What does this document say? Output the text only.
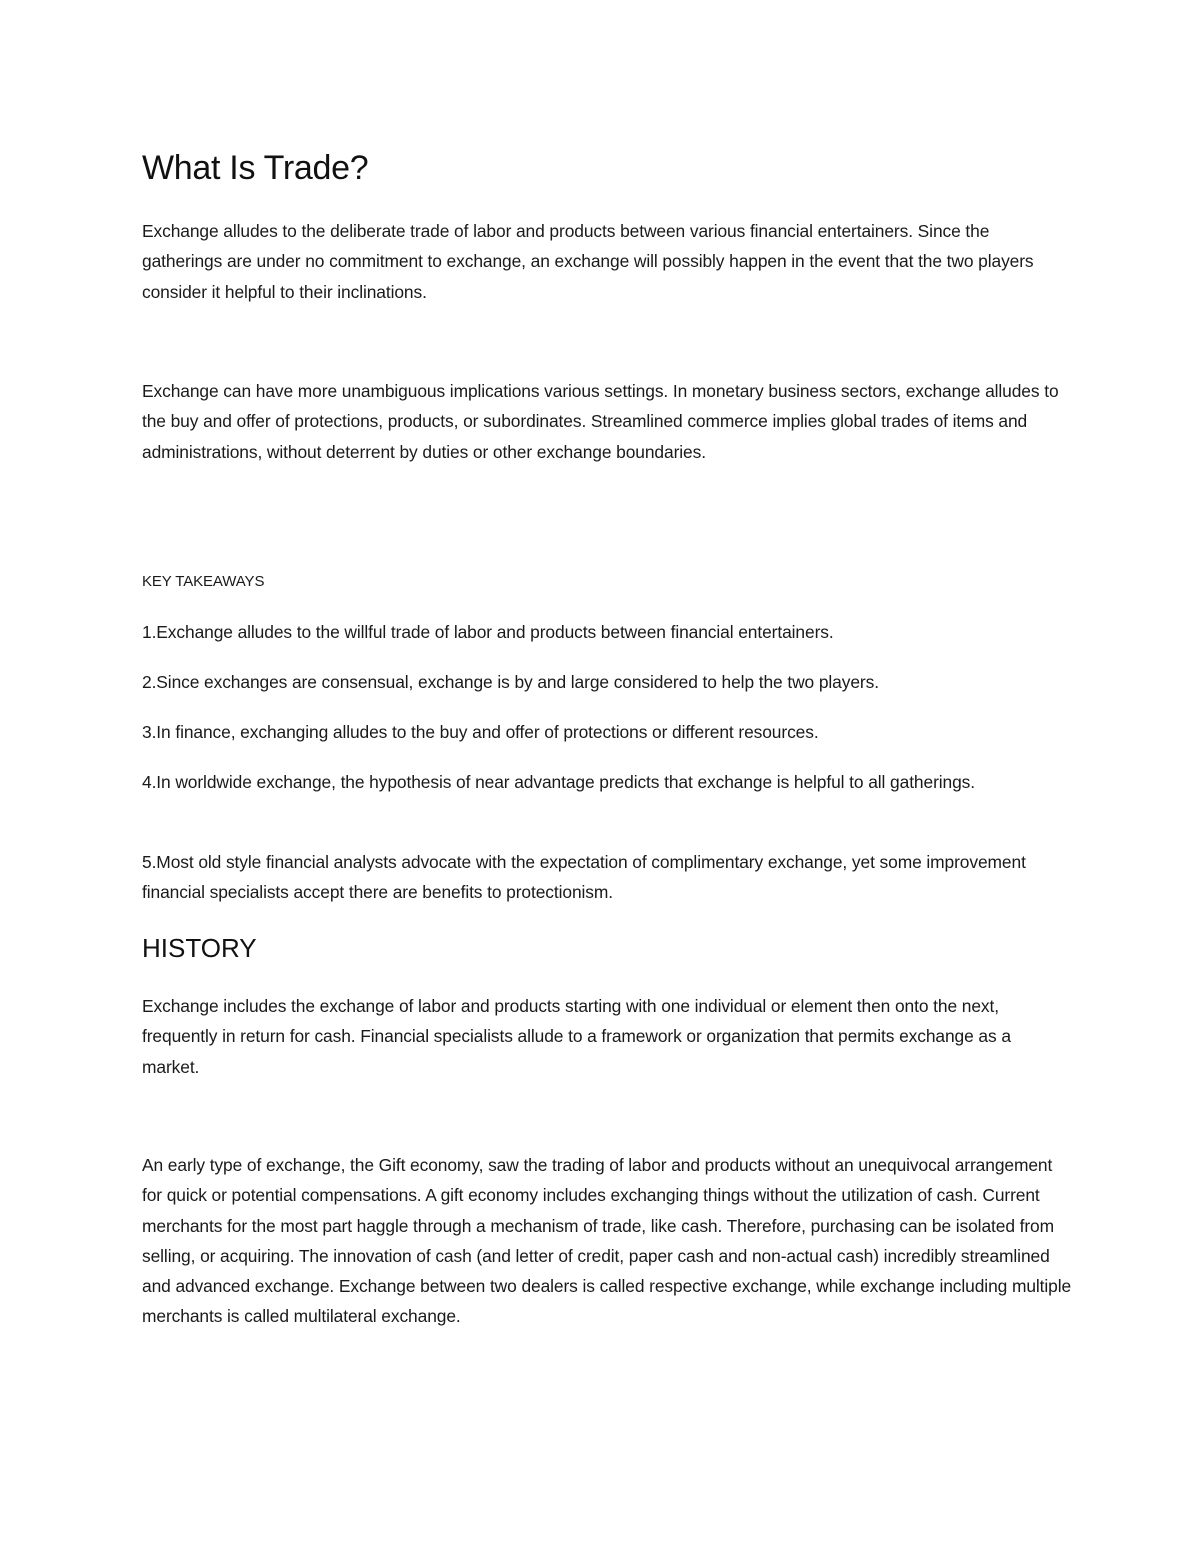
What Is Trade?

Exchange alludes to the deliberate trade of labor and products between various financial entertainers. Since the gatherings are under no commitment to exchange, an exchange will possibly happen in the event that the two players consider it helpful to their inclinations.

Exchange can have more unambiguous implications various settings. In monetary business sectors, exchange alludes to the buy and offer of protections, products, or subordinates. Streamlined commerce implies global trades of items and administrations, without deterrent by duties or other exchange boundaries.

KEY TAKEAWAYS

1.Exchange alludes to the willful trade of labor and products between financial entertainers.

2.Since exchanges are consensual, exchange is by and large considered to help the two players.

3.In finance, exchanging alludes to the buy and offer of protections or different resources.

4.In worldwide exchange, the hypothesis of near advantage predicts that exchange is helpful to all gatherings.

5.Most old style financial analysts advocate with the expectation of complimentary exchange, yet some improvement financial specialists accept there are benefits to protectionism.

HISTORY

Exchange includes the exchange of labor and products starting with one individual or element then onto the next, frequently in return for cash. Financial specialists allude to a framework or organization that permits exchange as a market.

An early type of exchange, the Gift economy, saw the trading of labor and products without an unequivocal arrangement for quick or potential compensations. A gift economy includes exchanging things without the utilization of cash. Current merchants for the most part haggle through a mechanism of trade, like cash. Therefore, purchasing can be isolated from selling, or acquiring. The innovation of cash (and letter of credit, paper cash and non-actual cash) incredibly streamlined and advanced exchange. Exchange between two dealers is called respective exchange, while exchange including multiple merchants is called multilateral exchange.
